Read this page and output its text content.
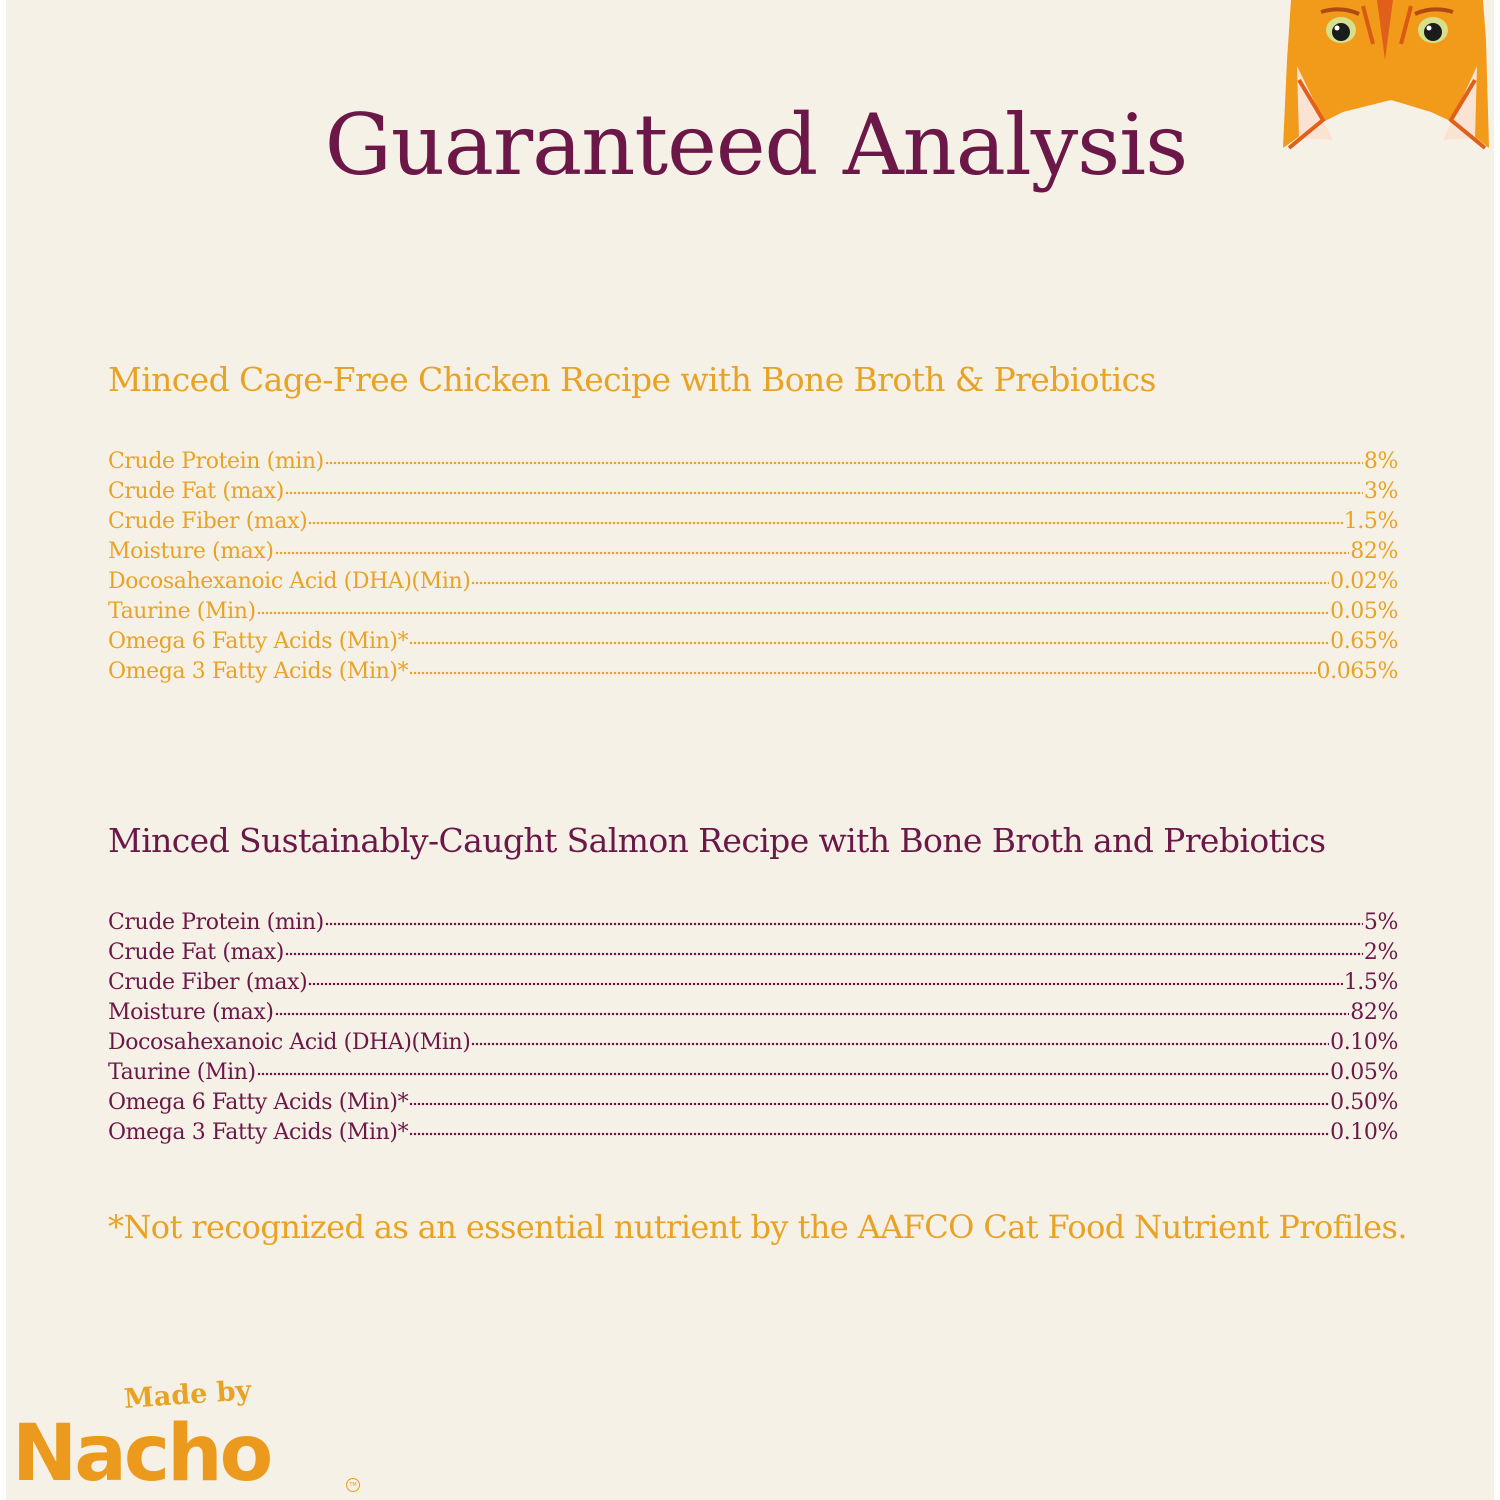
Guaranteed Analysis
Minced Cage-Free Chicken Recipe with Bone Broth & Prebiotics
Crude Protein (min)	8%
Crude Fat (max)	3%
Crude Fiber (max)	1.5%
Moisture (max)	82%
Docosahexanoic Acid (DHA)(Min)	0.02%
Taurine (Min)	0.05%
Omega 6 Fatty Acids (Min)*	0.65%
Omega 3 Fatty Acids (Min)*	0.065%
Minced Sustainably-Caught Salmon Recipe with Bone Broth and Prebiotics
Crude Protein (min)	5%
Crude Fat (max)	2%
Crude Fiber (max)	1.5%
Moisture (max)	82%
Docosahexanoic Acid (DHA)(Min)	0.10%
Taurine (Min)	0.05%
Omega 6 Fatty Acids (Min)*	0.50%
Omega 3 Fatty Acids (Min)*	0.10%

*Not recognized as an essential nutrient by the AAFCO Cat Food Nutrient Profiles.

Made by

Nacho	TM
